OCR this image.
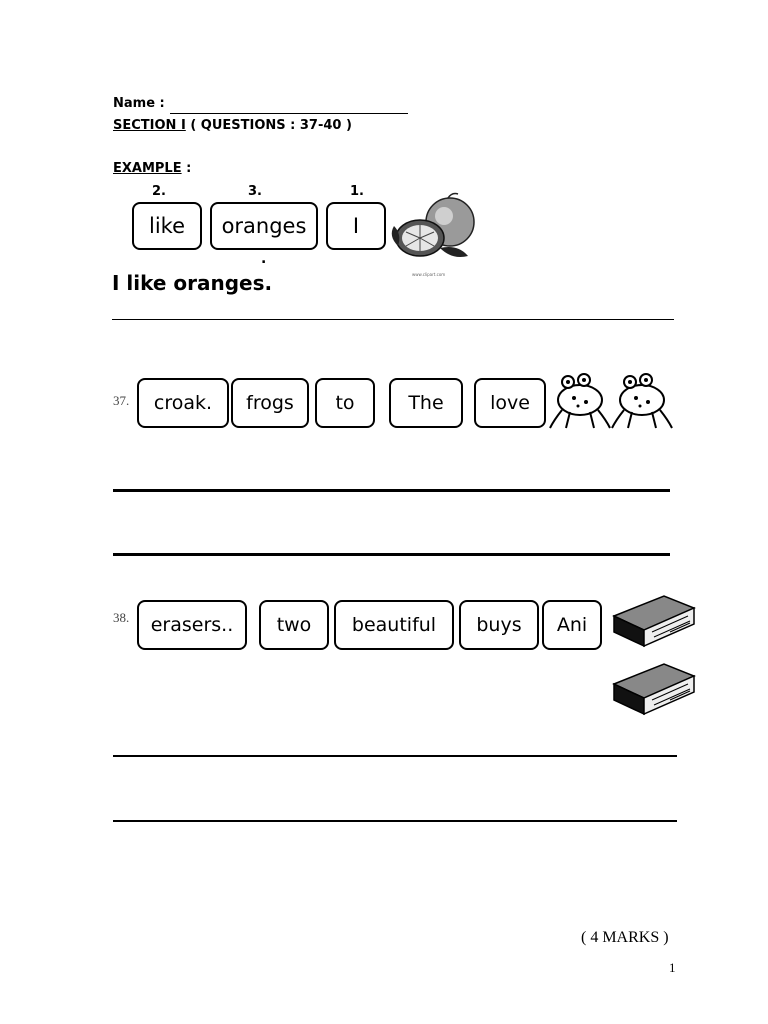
Name :
SECTION I ( QUESTIONS : 37-40 )
EXAMPLE :
2.	3.	1.
like	oranges	I
www.clipart.com
.
I like oranges.
37.	croak.	frogs	to	The	love
38.	erasers..	two	beautiful	buys	Ani
( 4 MARKS )
1
